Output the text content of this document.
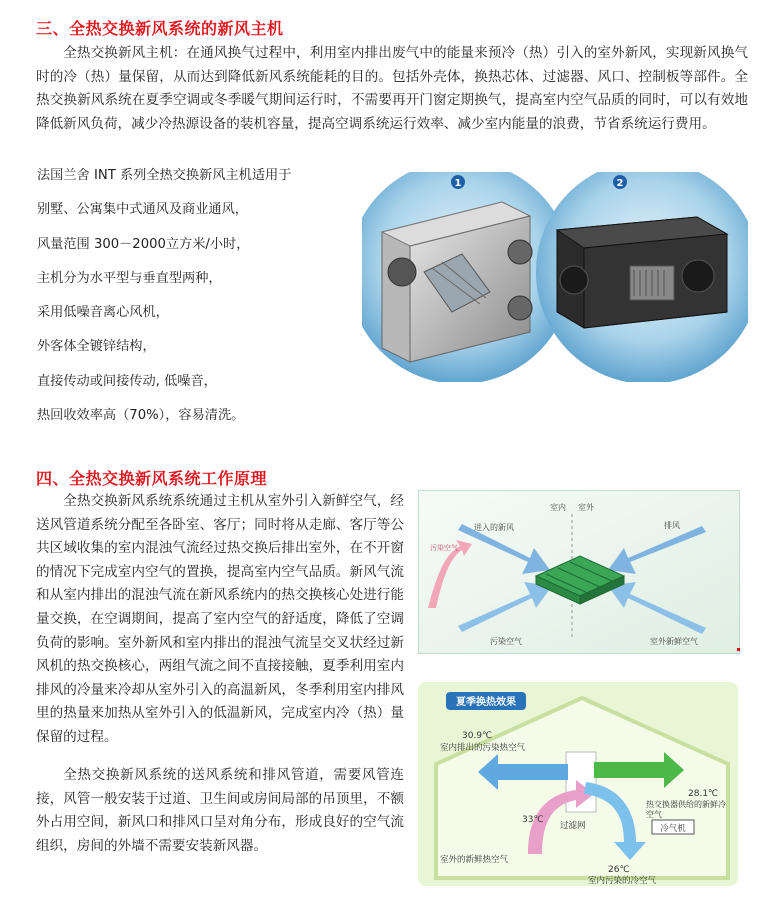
三、全热交换新风系统的新风主机
全热交换新风主机：在通风换气过程中，利用室内排出废气中的能量来预冷（热）引入的室外新风，实现新风换气时的冷（热）量保留，从而达到降低新风系统能耗的目的。包括外壳体，换热芯体、过滤器、风口、控制板等部件。全热交换新风系统在夏季空调或冬季暖气期间运行时，不需要再开门窗定期换气，提高室内空气品质的同时，可以有效地降低新风负荷，减少冷热源设备的装机容量，提高空调系统运行效率、减少室内能量的浪费，节省系统运行费用。
法国兰舍 INT 系列全热交换新风主机适用于
别墅、公寓集中式通风及商业通风，
风量范围 300－2000立方米/小时，
主机分为水平型与垂直型两种，
采用低噪音离心风机，
外客体全镀锌结构，
直接传动或间接传动, 低噪音，
热回收效率高（70%），容易清洗。
1	2
四、全热交换新风系统工作原理
全热交换新风系统系统通过主机从室外引入新鲜空气，经送风管道系统分配至各卧室、客厅；同时将从走廊、客厅等公共区域收集的室内混浊气流经过热交换后排出室外，在不开窗的情况下完成室内空气的置换，提高室内空气品质。新风气流和从室内排出的混浊气流在新风系统内的热交换核心处进行能量交换，在空调期间，提高了室内空气的舒适度，降低了空调负荷的影响。室外新风和室内排出的混浊气流呈交叉状经过新风机的热交换核心，两组气流之间不直接接触，夏季利用室内排风的冷量来冷却从室外引入的高温新风，冬季利用室内排风里的热量来加热从室外引入的低温新风，完成室内冷（热）量保留的过程。
全热交换新风系统的送风系统和排风管道，需要风管连接，风管一般安装于过道、卫生间或房间局部的吊顶里，不额外占用空间，新风口和排风口呈对角分布，形成良好的空气流组织，房间的外墙不需要安装新风器。
进入的新风
室内 室外
排风
污染空气	室外新鲜空气
污染空气
夏季换热效果
30.9℃
室内排出的污染热空气
28.1℃
热交换器供给的新鲜冷空气
33℃
室外的新鲜热空气
过滤网	冷气机
26℃
室内污染的冷空气
